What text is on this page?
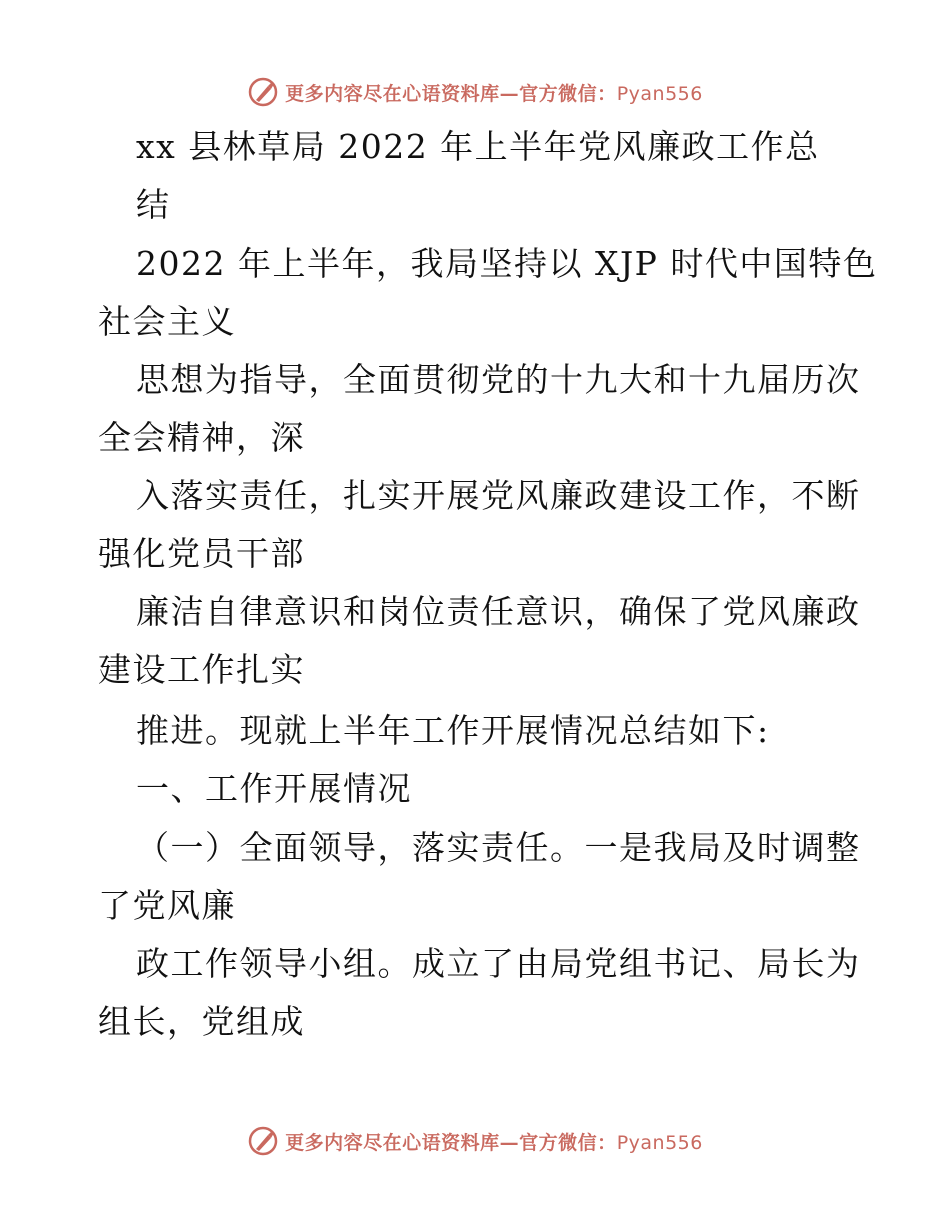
更多内容尽在心语资料库—官方微信：Pyan556
xx 县林草局 2022 年上半年党风廉政工作总
结
2022 年上半年，我局坚持以 XJP 时代中国特色
社会主义
思想为指导，全面贯彻党的十九大和十九届历次
全会精神，深
入落实责任，扎实开展党风廉政建设工作，不断
强化党员干部
廉洁自律意识和岗位责任意识，确保了党风廉政
建设工作扎实
推进。现就上半年工作开展情况总结如下:
一、工作开展情况
（一）全面领导，落实责任。一是我局及时调整
了党风廉
政工作领导小组。成立了由局党组书记、局长为
组长，党组成
更多内容尽在心语资料库—官方微信：Pyan556
